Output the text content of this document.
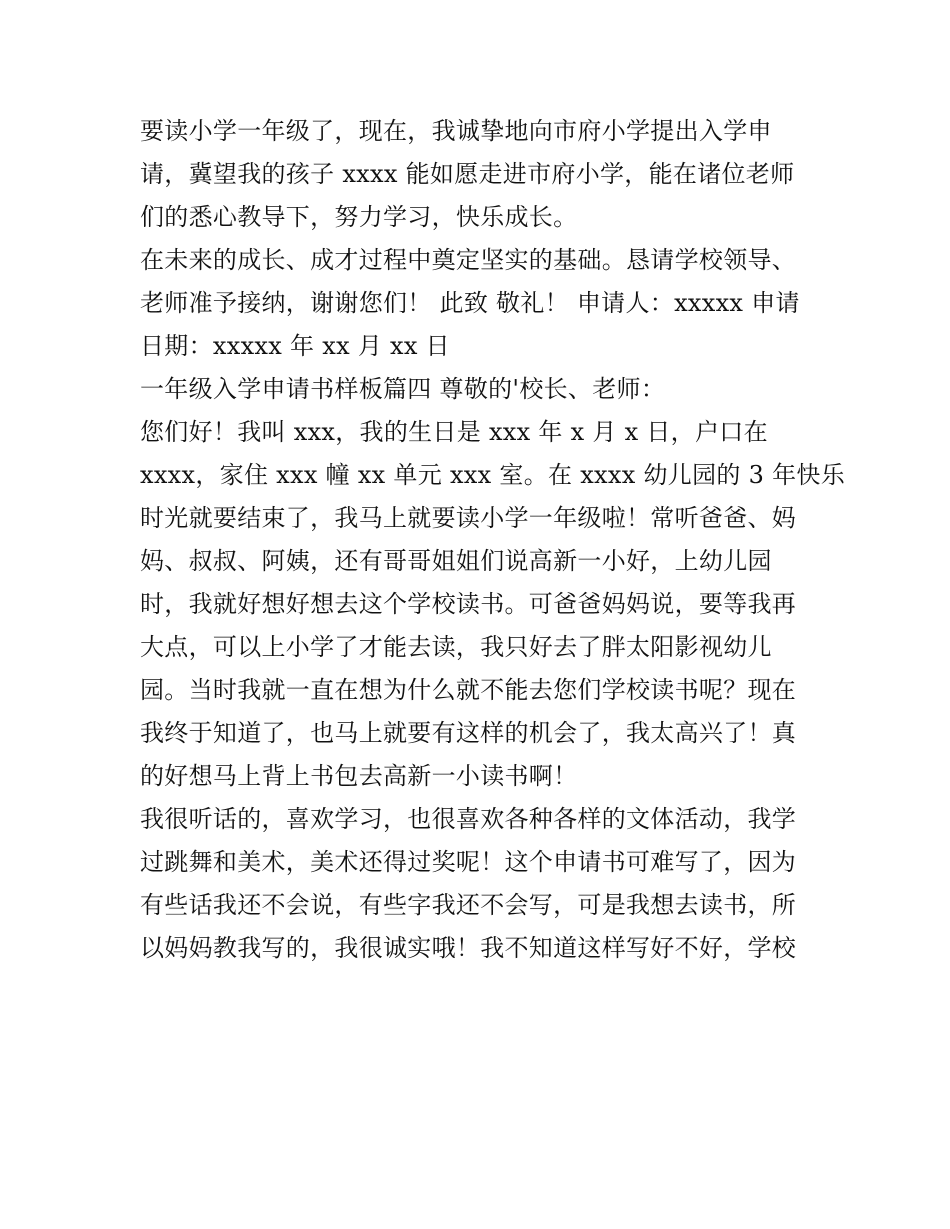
要读小学一年级了，现在，我诚挚地向市府小学提出入学申
请，冀望我的孩子 xxxx 能如愿走进市府小学，能在诸位老师
们的悉心教导下，努力学习，快乐成长。
在未来的成长、成才过程中奠定坚实的基础。恳请学校领导、
老师准予接纳，谢谢您们！ 此致 敬礼！ 申请人：xxxxx 申请
日期：xxxxx 年 xx 月 xx 日
一年级入学申请书样板篇四 尊敬的'校长、老师：
您们好！我叫 xxx，我的生日是 xxx 年 x 月 x 日，户口在
xxxx，家住 xxx 幢 xx 单元 xxx 室。在 xxxx 幼儿园的 3 年快乐
时光就要结束了，我马上就要读小学一年级啦！常听爸爸、妈
妈、叔叔、阿姨，还有哥哥姐姐们说高新一小好，上幼儿园
时，我就好想好想去这个学校读书。可爸爸妈妈说，要等我再
大点，可以上小学了才能去读，我只好去了胖太阳影视幼儿
园。当时我就一直在想为什么就不能去您们学校读书呢？现在
我终于知道了，也马上就要有这样的机会了，我太高兴了！真
的好想马上背上书包去高新一小读书啊！
我很听话的，喜欢学习，也很喜欢各种各样的文体活动，我学
过跳舞和美术，美术还得过奖呢！这个申请书可难写了，因为
有些话我还不会说，有些字我还不会写，可是我想去读书，所
以妈妈教我写的，我很诚实哦！我不知道这样写好不好，学校
